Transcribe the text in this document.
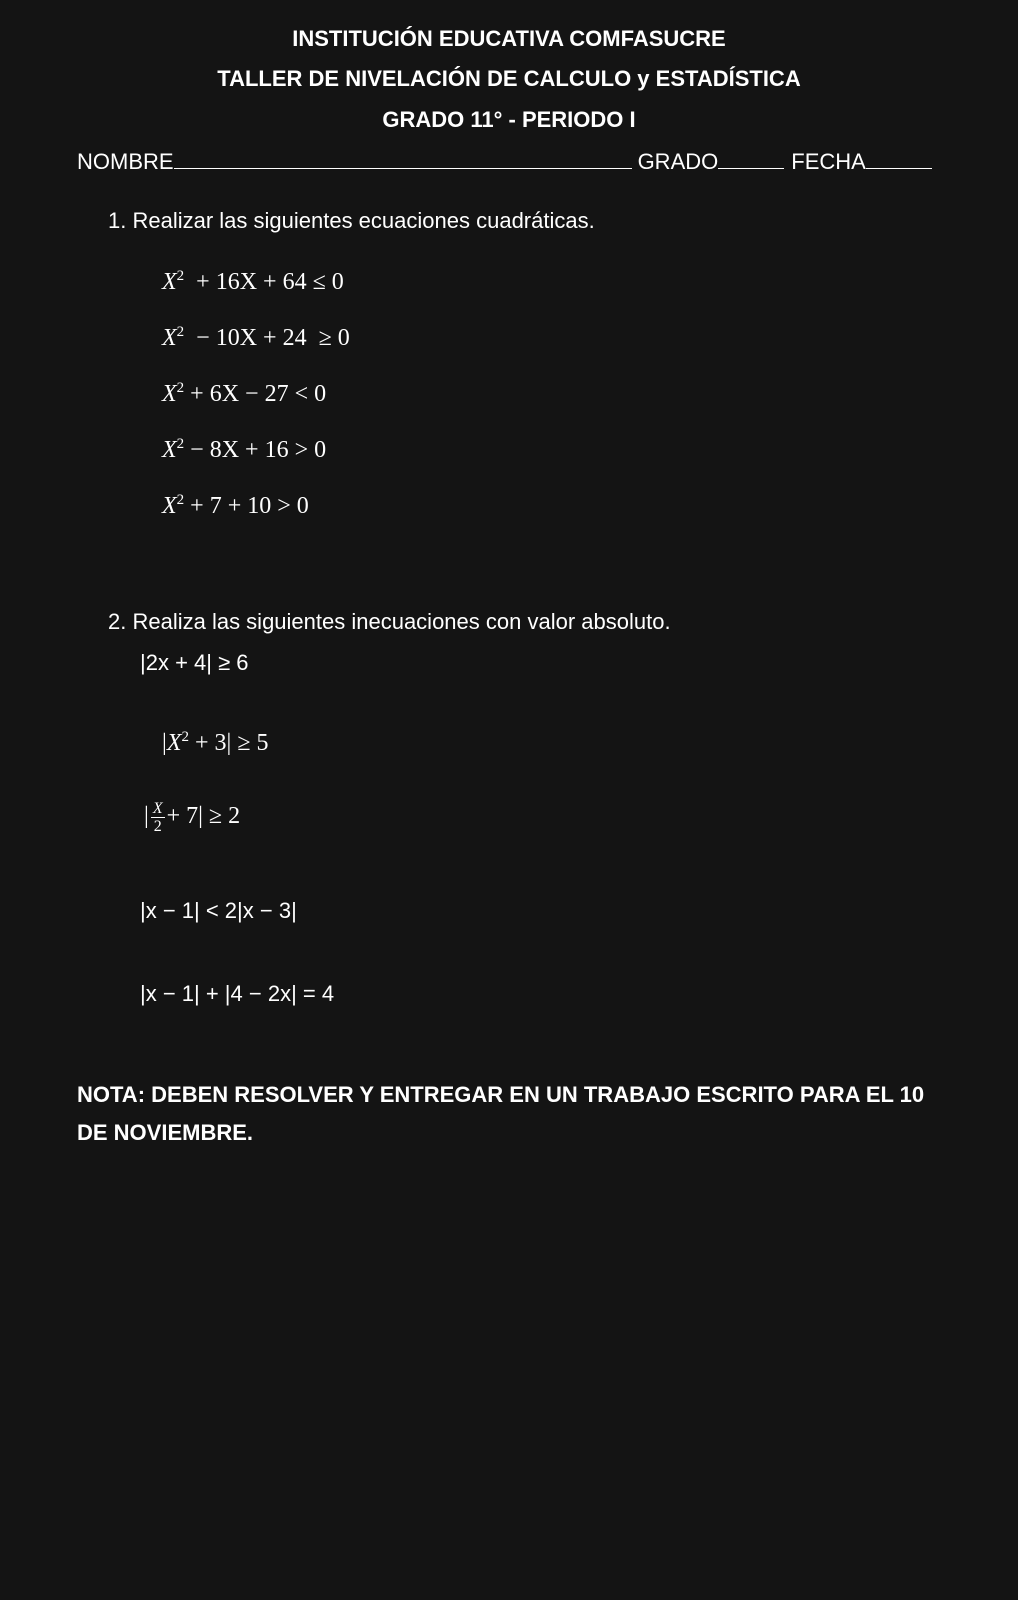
INSTITUCIÓN EDUCATIVA COMFASUCRE
TALLER DE NIVELACIÓN DE CALCULO y ESTADÍSTICA
GRADO 11° - PERIODO I
NOMBRE	GRADO	FECHA
1. Realizar las siguientes ecuaciones cuadráticas.
$X^2 + 16X + 64 \le 0$
$X^2 - 10X + 24 \ge 0$
$X^2 + 6X - 27 < 0$
$X^2 - 8X + 16 > 0$
$X^2 + 7 + 10 > 0$
2. Realiza las siguientes inecuaciones con valor absoluto.
|2x + 4| ≥ 6
$|X^2 + 3| \ge 5$
| $\frac{X}{2} + 7| \ge 2$
|x − 1| < 2|x − 3|
|x − 1| + |4 − 2x| = 4
NOTA: DEBEN RESOLVER Y ENTREGAR EN UN TRABAJO ESCRITO PARA EL 10
DE NOVIEMBRE.
